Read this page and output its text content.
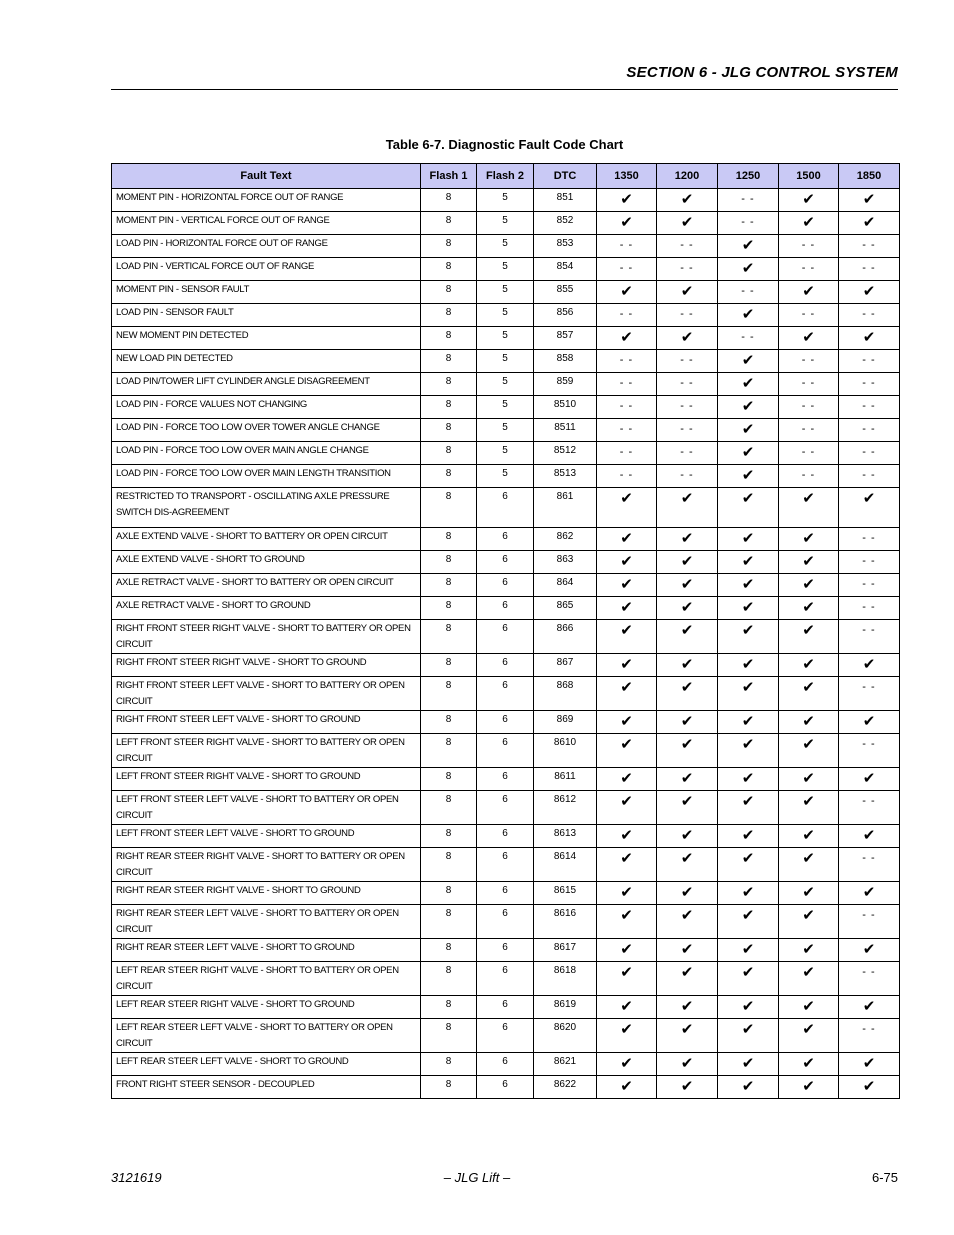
SECTION 6 - JLG CONTROL SYSTEM
Table 6-7. Diagnostic Fault Code Chart
Fault Text	Flash 1	Flash 2	DTC	1350	1200	1250	1500	1850
MOMENT PIN - HORIZONTAL FORCE OUT OF RANGE	8	5	851	✔	✔	- -	✔	✔
MOMENT PIN - VERTICAL FORCE OUT OF RANGE	8	5	852	✔	✔	- -	✔	✔
LOAD PIN - HORIZONTAL FORCE OUT OF RANGE	8	5	853	- -	- -	✔	- -	- -
LOAD PIN - VERTICAL FORCE OUT OF RANGE	8	5	854	- -	- -	✔	- -	- -
MOMENT PIN - SENSOR FAULT	8	5	855	✔	✔	- -	✔	✔
LOAD PIN - SENSOR FAULT	8	5	856	- -	- -	✔	- -	- -
NEW MOMENT PIN DETECTED	8	5	857	✔	✔	- -	✔	✔
NEW LOAD PIN DETECTED	8	5	858	- -	- -	✔	- -	- -
LOAD PIN/TOWER LIFT CYLINDER ANGLE DISAGREEMENT	8	5	859	- -	- -	✔	- -	- -
LOAD PIN - FORCE VALUES NOT CHANGING	8	5	8510	- -	- -	✔	- -	- -
LOAD PIN - FORCE TOO LOW OVER TOWER ANGLE CHANGE	8	5	8511	- -	- -	✔	- -	- -
LOAD PIN - FORCE TOO LOW OVER MAIN ANGLE CHANGE	8	5	8512	- -	- -	✔	- -	- -
LOAD PIN - FORCE TOO LOW OVER MAIN LENGTH TRANSITION	8	5	8513	- -	- -	✔	- -	- -
RESTRICTED TO TRANSPORT - OSCILLATING AXLE PRESSURE SWITCH DIS-AGREEMENT	8	6	861	✔	✔	✔	✔	✔
AXLE EXTEND VALVE - SHORT TO BATTERY OR OPEN CIRCUIT	8	6	862	✔	✔	✔	✔	- -
AXLE EXTEND VALVE - SHORT TO GROUND	8	6	863	✔	✔	✔	✔	- -
AXLE RETRACT VALVE - SHORT TO BATTERY OR OPEN CIRCUIT	8	6	864	✔	✔	✔	✔	- -
AXLE RETRACT VALVE - SHORT TO GROUND	8	6	865	✔	✔	✔	✔	- -
RIGHT FRONT STEER RIGHT VALVE - SHORT TO BATTERY OR OPEN CIRCUIT	8	6	866	✔	✔	✔	✔	- -
RIGHT FRONT STEER RIGHT VALVE - SHORT TO GROUND	8	6	867	✔	✔	✔	✔	✔
RIGHT FRONT STEER LEFT VALVE - SHORT TO BATTERY OR OPEN CIRCUIT	8	6	868	✔	✔	✔	✔	- -
RIGHT FRONT STEER LEFT VALVE - SHORT TO GROUND	8	6	869	✔	✔	✔	✔	✔
LEFT FRONT STEER RIGHT VALVE - SHORT TO BATTERY OR OPEN CIRCUIT	8	6	8610	✔	✔	✔	✔	- -
LEFT FRONT STEER RIGHT VALVE - SHORT TO GROUND	8	6	8611	✔	✔	✔	✔	✔
LEFT FRONT STEER LEFT VALVE - SHORT TO BATTERY OR OPEN CIRCUIT	8	6	8612	✔	✔	✔	✔	- -
LEFT FRONT STEER LEFT VALVE - SHORT TO GROUND	8	6	8613	✔	✔	✔	✔	✔
RIGHT REAR STEER RIGHT VALVE - SHORT TO BATTERY OR OPEN CIRCUIT	8	6	8614	✔	✔	✔	✔	- -
RIGHT REAR STEER RIGHT VALVE - SHORT TO GROUND	8	6	8615	✔	✔	✔	✔	✔
RIGHT REAR STEER LEFT VALVE - SHORT TO BATTERY OR OPEN CIRCUIT	8	6	8616	✔	✔	✔	✔	- -
RIGHT REAR STEER LEFT VALVE - SHORT TO GROUND	8	6	8617	✔	✔	✔	✔	✔
LEFT REAR STEER RIGHT VALVE - SHORT TO BATTERY OR OPEN CIRCUIT	8	6	8618	✔	✔	✔	✔	- -
LEFT REAR STEER RIGHT VALVE - SHORT TO GROUND	8	6	8619	✔	✔	✔	✔	✔
LEFT REAR STEER LEFT VALVE - SHORT TO BATTERY OR OPEN CIRCUIT	8	6	8620	✔	✔	✔	✔	- -
LEFT REAR STEER LEFT VALVE - SHORT TO GROUND	8	6	8621	✔	✔	✔	✔	✔
FRONT RIGHT STEER SENSOR - DECOUPLED	8	6	8622	✔	✔	✔	✔	✔
3121619	– JLG Lift –	6-75
